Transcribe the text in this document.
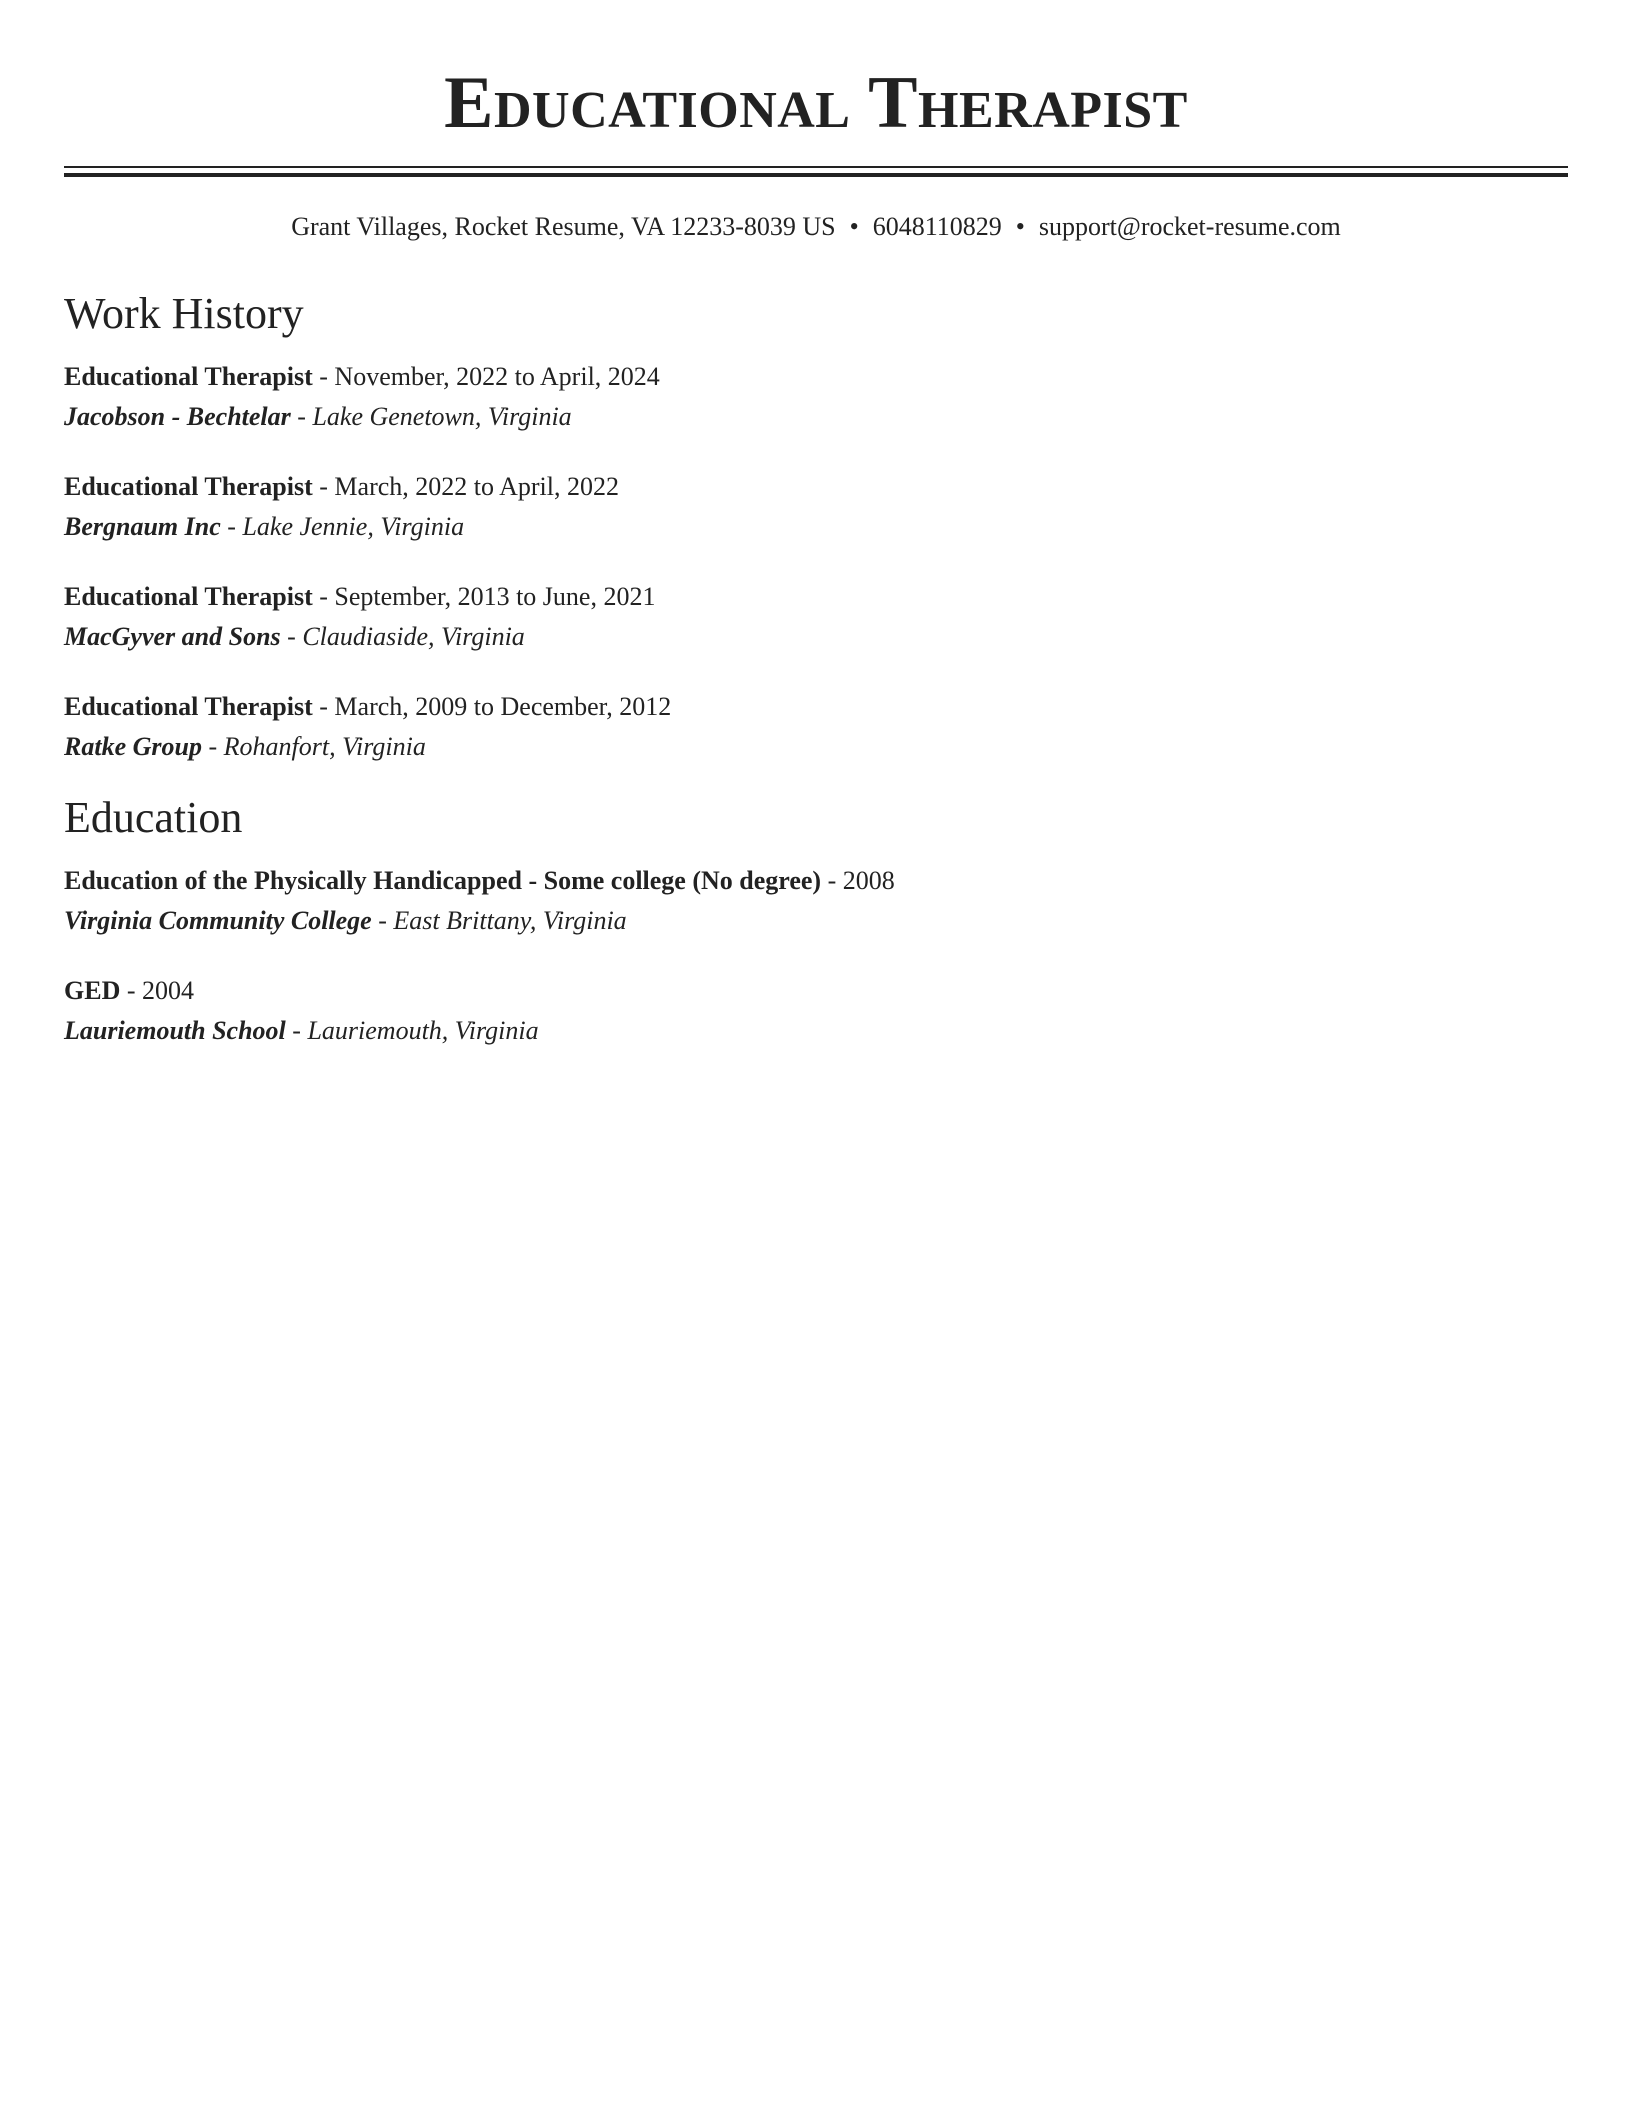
Educational Therapist
Grant Villages, Rocket Resume, VA 12233-8039 US • 6048110829 • support@rocket-resume.com
Work History
Educational Therapist - November, 2022 to April, 2024
Jacobson - Bechtelar - Lake Genetown, Virginia
Educational Therapist - March, 2022 to April, 2022
Bergnaum Inc - Lake Jennie, Virginia
Educational Therapist - September, 2013 to June, 2021
MacGyver and Sons - Claudiaside, Virginia
Educational Therapist - March, 2009 to December, 2012
Ratke Group - Rohanfort, Virginia
Education
Education of the Physically Handicapped - Some college (No degree) - 2008
Virginia Community College - East Brittany, Virginia
GED - 2004
Lauriemouth School - Lauriemouth, Virginia
